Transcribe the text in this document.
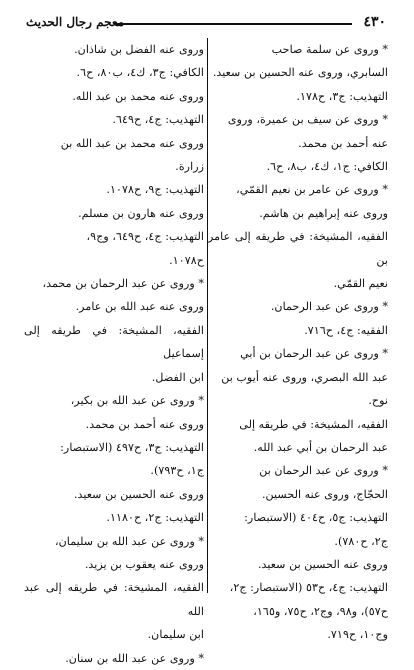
٤٣٠
معجم رجال الحديث

* وروى عن سلمة صاحب

السابري، وروى عنه الحسين بن سعيد.

التهذيب: ج٣، ح١٧٨.

* وروى عن سيف بن عميرة، وروى

عنه أحمد بن محمد.

الكافي: ج١، ك٤، ب٨، ح٦.

* وروى عن عامر بن نعيم القمّي،

وروى عنه إبراهيم بن هاشم.

الفقيه، المشيخة: في طريقه إلى عامر بن

نعيم القمّي.

* وروى عن عبد الرحمان.

الفقيه: ج٤، ح٧١٦.

* وروى عن عبد الرحمان بن أبي

عبد الله البصري، وروى عنه أيوب بن

نوح.

الفقيه، المشيخة: في طريقه إلى

عبد الرحمان بن أبي عبد الله.

* وروى عن عبد الرحمان بن

الحجّاج، وروى عنه الحسين.

التهذيب: ج٥، ح٤٠٤ (الاستبصار:

ج٢، ح٧٨٠).

وروى عنه الحسين بن سعيد.

التهذيب: ج٤، ح٥٣ (الاستبصار: ج٢،

ح٥٧)، و٩٨، وج٢، ح٧٥، و١٦٥،

وج١٠، ح٧١٩.

وروى عنه الفضل بن شاذان.

الكافي: ج٣، ك٤، ب٨٠، ح٦.

وروى عنه محمد بن عبد الله.

التهذيب: ج٤، ح٦٤٩.

وروى عنه محمد بن عبد الله بن

زرارة.

التهذيب: ج٩، ح١٠٧٨.

وروى عنه هارون بن مسلم.

التهذيب: ج٤، ح٦٤٩، وج٩،

ح١٠٧٨.

* وروى عن عبد الرحمان بن محمد،

وروى عنه عبد الله بن عامر.

الفقيه، المشيخة: في طريقه إلى إسماعيل

ابن الفضل.

* وروى عن عبد الله بن بكير،

وروى عنه أحمد بن محمد.

التهذيب: ج٣، ح٤٩٧ (الاستبصار:

ج١، ح٧٩٣).

وروى عنه الحسين بن سعيد.

التهذيب: ج٢، ح١١٨٠.

* وروى عن عبد الله بن سليمان،

وروى عنه يعقوب بن يزيد.

الفقيه، المشيخة: في طريقه إلى عبد الله

ابن سليمان.

* وروى عن عبد الله بن سنان.
